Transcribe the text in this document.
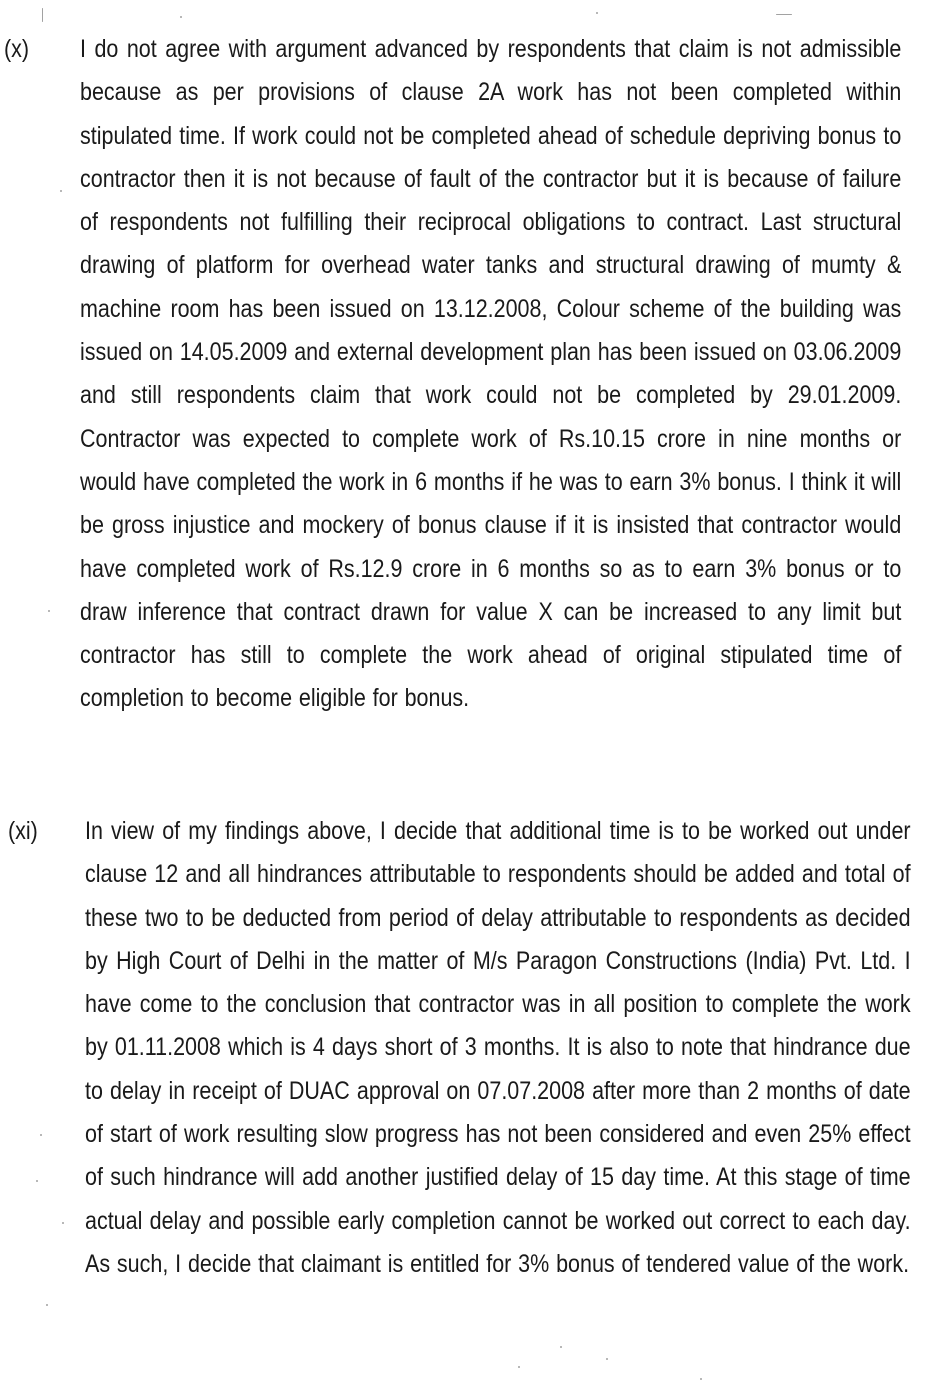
(x) I do not agree with argument advanced by respondents that claim is not admissible because as per provisions of clause 2A work has not been completed within stipulated time. If work could not be completed ahead of schedule depriving bonus to contractor then it is not because of fault of the contractor but it is because of failure of respondents not fulfilling their reciprocal obligations to contract. Last structural drawing of platform for overhead water tanks and structural drawing of mumty & machine room has been issued on 13.12.2008, Colour scheme of the building was issued on 14.05.2009 and external development plan has been issued on 03.06.2009 and still respondents claim that work could not be completed by 29.01.2009. Contractor was expected to complete work of Rs.10.15 crore in nine months or would have completed the work in 6 months if he was to earn 3% bonus. I think it will be gross injustice and mockery of bonus clause if it is insisted that contractor would have completed work of Rs.12.9 crore in 6 months so as to earn 3% bonus or to draw inference that contract drawn for value X can be increased to any limit but contractor has still to complete the work ahead of original stipulated time of completion to become eligible for bonus.
(xi) In view of my findings above, I decide that additional time is to be worked out under clause 12 and all hindrances attributable to respondents should be added and total of these two to be deducted from period of delay attributable to respondents as decided by High Court of Delhi in the matter of M/s Paragon Constructions (India) Pvt. Ltd. I have come to the conclusion that contractor was in all position to complete the work by 01.11.2008 which is 4 days short of 3 months. It is also to note that hindrance due to delay in receipt of DUAC approval on 07.07.2008 after more than 2 months of date of start of work resulting slow progress has not been considered and even 25% effect of such hindrance will add another justified delay of 15 day time. At this stage of time actual delay and possible early completion cannot be worked out correct to each day. As such, I decide that claimant is entitled for 3% bonus of tendered value of the work.
